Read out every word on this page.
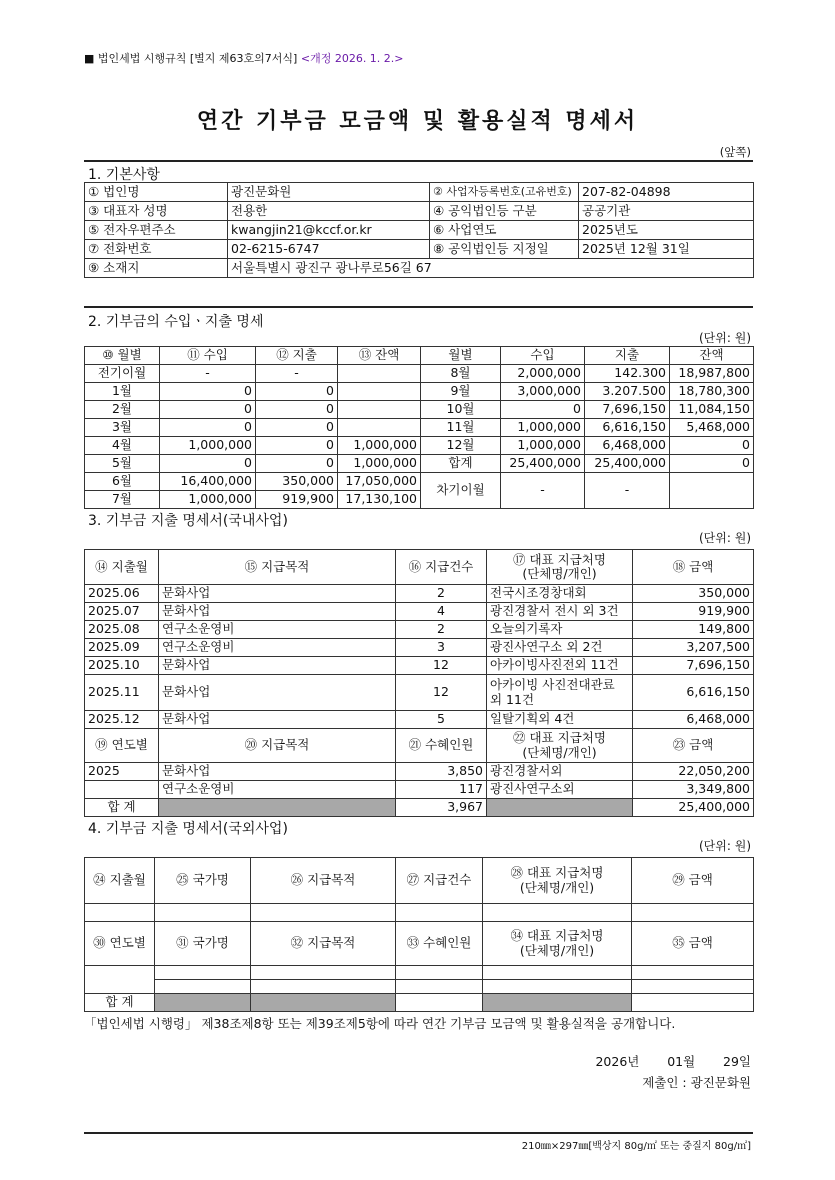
■ 법인세법 시행규칙 [별지 제63호의7서식] <개정 2026. 1. 2.>
연간 기부금 모금액 및 활용실적 명세서
(앞쪽)
1. 기본사항
① 법인명	광진문화원	② 사업자등록번호(고유번호)	207-82-04898
③ 대표자 성명	전용한	④ 공익법인등 구분	공공기관
⑤ 전자우편주소	kwangjin21@kccf.or.kr	⑥ 사업연도	2025년도
⑦ 전화번호	02-6215-6747	⑧ 공익법인등 지정일	2025년 12월 31일
⑨ 소재지	서울특별시 광진구 광나루로56길 67		
2. 기부금의 수입ㆍ지출 명세
(단위: 원)
⑩ 월별	⑪ 수입	⑫ 지출	⑬ 잔액	월별	수입	지출	잔액
전기이월	-	-		8월	2,000,000	142.300	18,987,800
1월	0	0		9월	3,000,000	3.207.500	18,780,300
2월	0	0		10월	0	7,696,150	11,084,150
3월	0	0		11월	1,000,000	6,616,150	5,468,000
4월	1,000,000	0	1,000,000	12월	1,000,000	6,468,000	0
5월	0	0	1,000,000	합계	25,400,000	25,400,000	0
6월	16,400,000	350,000	17,050,000	차기이월	-	-	
7월	1,000,000	919,900	17,130,100				
3. 기부금 지출 명세서(국내사업)
(단위: 원)
⑭ 지출월	⑮ 지급목적	⑯ 지급건수	⑰ 대표 지급처명
(단체명/개인)	⑱ 금액
2025.06	문화사업	2	전국시조경창대회	350,000
2025.07	문화사업	4	광진경찰서 전시 외 3건	919,900
2025.08	연구소운영비	2	오늘의기록자	149,800
2025.09	연구소운영비	3	광진사연구소 외 2건	3,207,500
2025.10	문화사업	12	아카이빙사진전외 11건	7,696,150
2025.11	문화사업	12	아카이빙 사진전대관료
외 11건	6,616,150
2025.12	문화사업	5	일탈기획외 4건	6,468,000
⑲ 연도별	⑳ 지급목적	㉑ 수혜인원	㉒ 대표 지급처명
(단체명/개인)	㉓ 금액
2025	문화사업	3,850	광진경찰서외	22,050,200
	연구소운영비	117	광진사연구소외	3,349,800
합 계		3,967		25,400,000
4. 기부금 지출 명세서(국외사업)
(단위: 원)
㉔ 지출월	㉕ 국가명	㉖ 지급목적	㉗ 지급건수	㉘ 대표 지급처명
(단체명/개인)	㉙ 금액

㉚ 연도별	㉛ 국가명	㉜ 지급목적	㉝ 수혜인원	㉞ 대표 지급처명
(단체명/개인)	㉟ 금액

합 계					
「법인세법 시행령」 제38조제8항 또는 제39조제5항에 따라 연간 기부금 모금액 및 활용실적을 공개합니다.
2026년 01월 29일
제출인 : 광진문화원
210㎜×297㎜[백상지 80g/㎡ 또는 중질지 80g/㎡]
